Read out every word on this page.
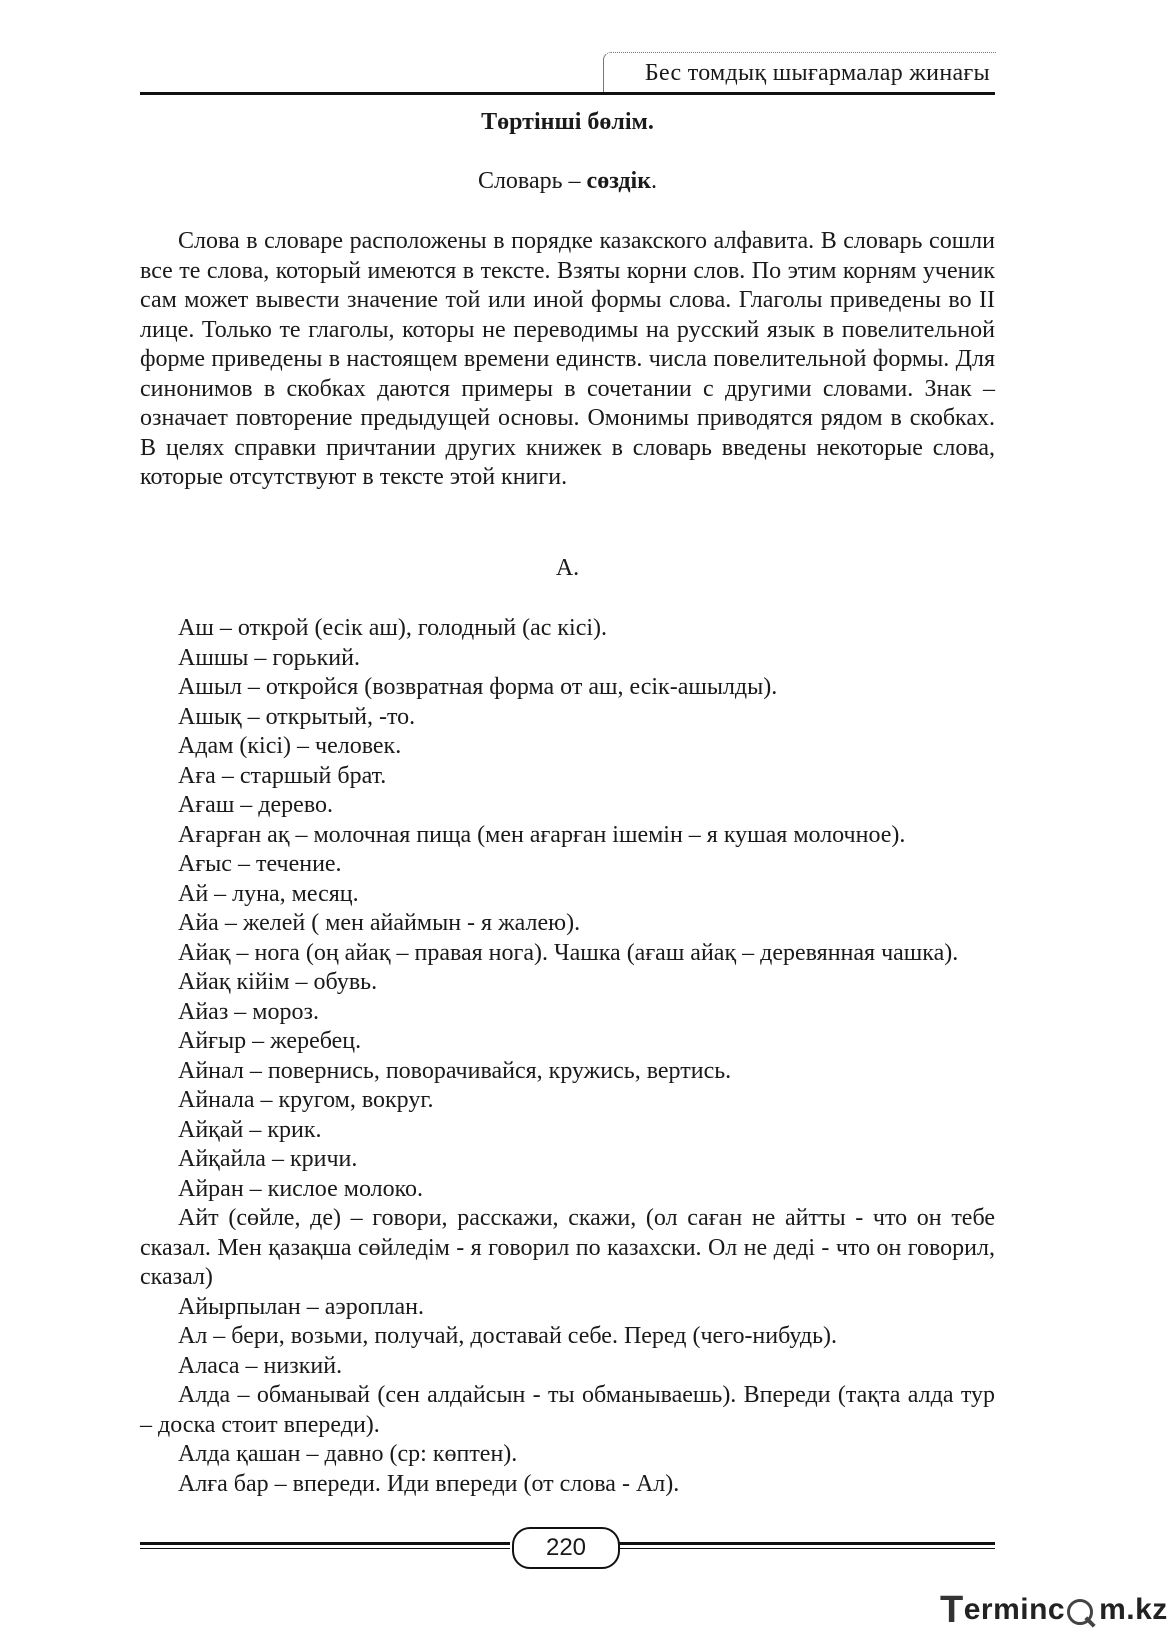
Бес томдық шығармалар жинағы
Төртінші бөлім.
Словарь – сөздік.

Слова в словаре расположены в порядке казакского алфавита. В словарь сошли все те слова, который имеются в тексте. Взяты корни слов. По этим корням ученик сам может вывести значение той или иной формы слова. Глаголы приведены во II лице. Только те глаголы, которы не переводимы на русский язык в повелительной форме приведены в настоящем времени единств. числа повелительной формы. Для синонимов в скобках даются примеры в сочетании с другими словами. Знак – означает повторение предыдущей основы. Омонимы приводятся рядом в скобках. В целях справки причтании других книжек в словарь введены некоторые слова, которые отсутствуют в тексте этой книги.

А.

Аш – открой (есік аш), голодный (ас кісі).

Ашшы – горький.

Ашыл – откройся (возвратная форма от аш, есік-ашылды).

Ашық – открытый, -то.

Адам (кісі) – человек.

Аға – старшый брат.

Ағаш – дерево.

Ағарған ақ – молочная пища (мен ағарған ішемін – я кушая молочное).

Ағыс – течение.

Ай – луна, месяц.

Айа – желей ( мен айаймын - я жалею).

Айақ – нога (оң айақ – правая нога). Чашка (ағаш айақ – деревянная чашка).

Айақ кійім – обувь.

Айаз – мороз.

Айғыр – жеребец.

Айнал – повернись, поворачивайся, кружись, вертись.

Айнала – кругом, вокруг.

Айқай – крик.

Айқайла – кричи.

Айран – кислое молоко.

Айт (сөйле, де) – говори, расскажи, скажи, (ол саған не айтты - что он тебе сказал. Мен қазақша сөйледім - я говорил по казахски. Ол не деді - что он говорил, сказал)

Айырпылан – аэроплан.

Ал – бери, возьми, получай, доставай себе. Перед (чего-нибудь).

Аласа – низкий.

Алда – обманывай (сен алдайсын - ты обманываешь). Впереди (тақта алда тур – доска стоит впереди).

Алда қашан – давно (ср: көптен).

Алға бар – впереди. Иди впереди (от слова - Ал).

220
T erminc m.kz
